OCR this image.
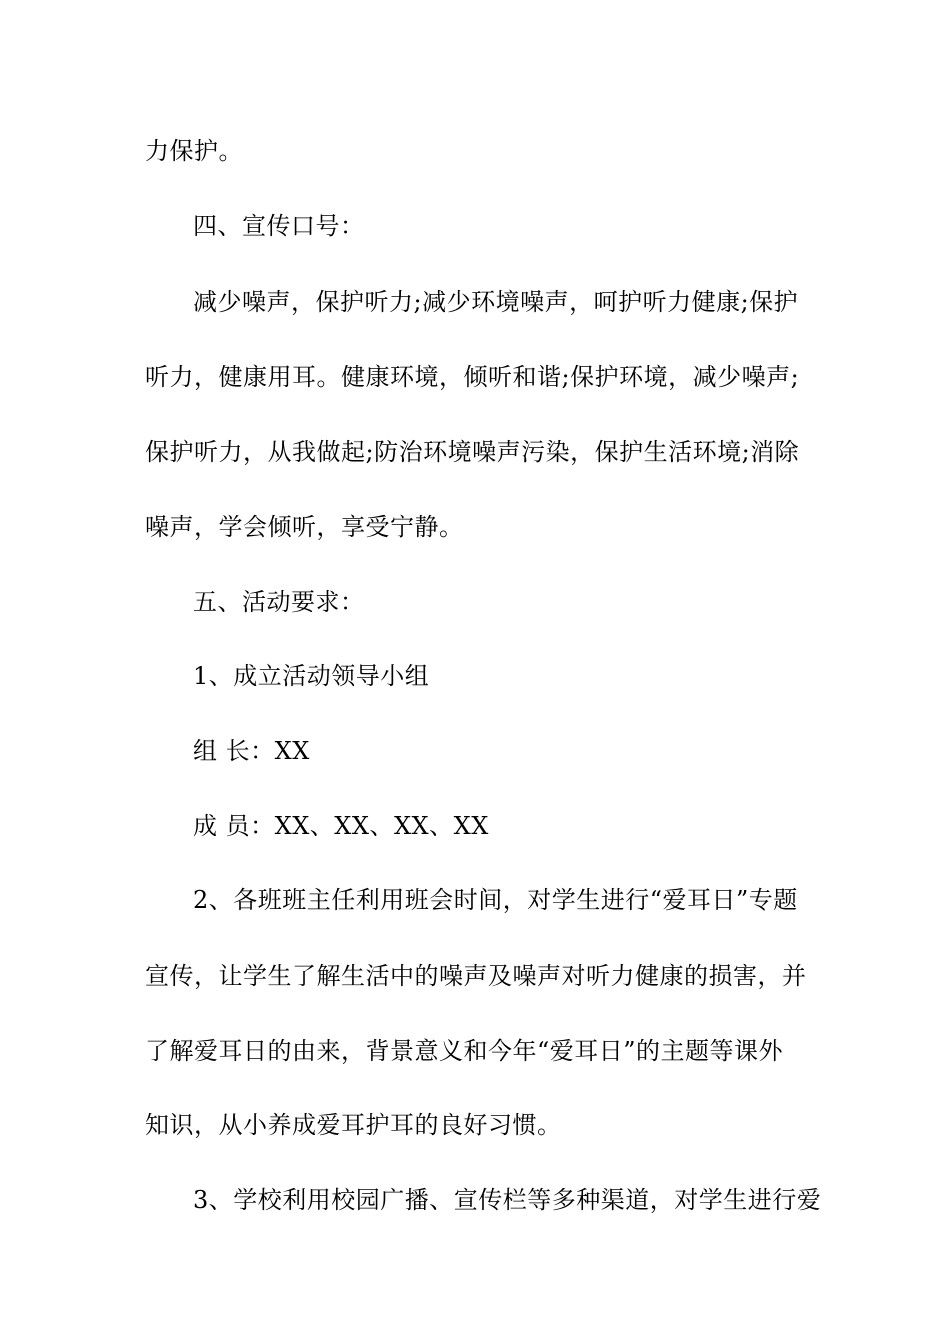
力保护。
四、宣传口号：
减少噪声，保护听力;减少环境噪声，呵护听力健康;保护
听力，健康用耳。健康环境，倾听和谐;保护环境，减少噪声;
保护听力，从我做起;防治环境噪声污染，保护生活环境;消除
噪声，学会倾听，享受宁静。
五、活动要求：
1、成立活动领导小组
组 长：XX
成 员：XX、XX、XX、XX
2、各班班主任利用班会时间，对学生进行“爱耳日”专题
宣传，让学生了解生活中的噪声及噪声对听力健康的损害，并
了解爱耳日的由来，背景意义和今年“爱耳日”的主题等课外
知识，从小养成爱耳护耳的良好习惯。
3、学校利用校园广播、宣传栏等多种渠道，对学生进行爱
